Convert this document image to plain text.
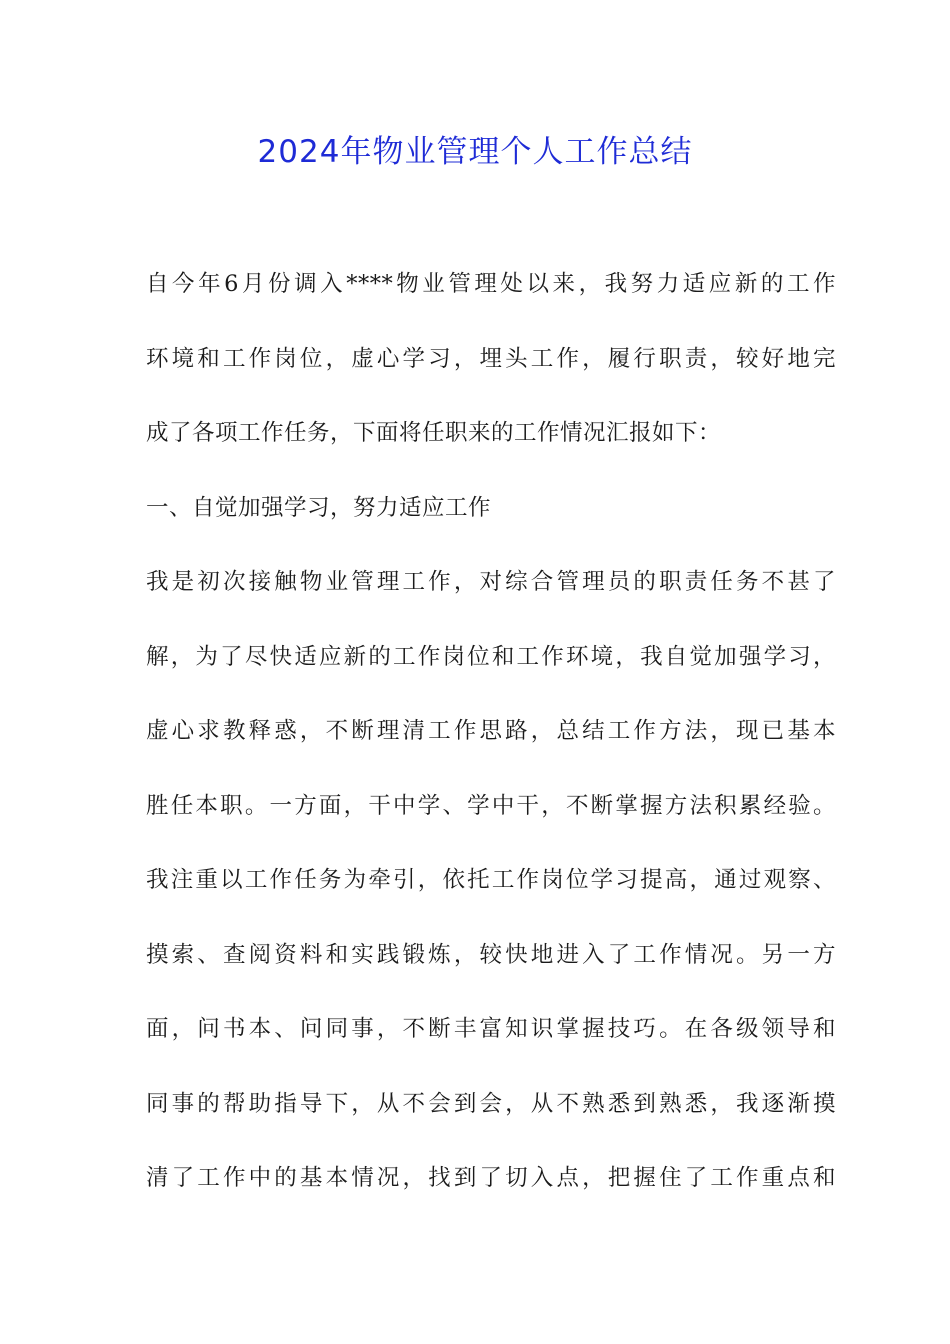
2024年物业管理个人工作总结
自今年6月份调入****物业管理处以来，我努力适应新的工作
环境和工作岗位，虚心学习，埋头工作，履行职责，较好地完
成了各项工作任务，下面将任职来的工作情况汇报如下：
一、自觉加强学习，努力适应工作
我是初次接触物业管理工作，对综合管理员的职责任务不甚了
解，为了尽快适应新的工作岗位和工作环境，我自觉加强学习，
虚心求教释惑，不断理清工作思路，总结工作方法，现已基本
胜任本职。一方面，干中学、学中干，不断掌握方法积累经验。
我注重以工作任务为牵引，依托工作岗位学习提高，通过观察、
摸索、查阅资料和实践锻炼，较快地进入了工作情况。另一方
面，问书本、问同事，不断丰富知识掌握技巧。在各级领导和
同事的帮助指导下，从不会到会，从不熟悉到熟悉，我逐渐摸
清了工作中的基本情况，找到了切入点，把握住了工作重点和
